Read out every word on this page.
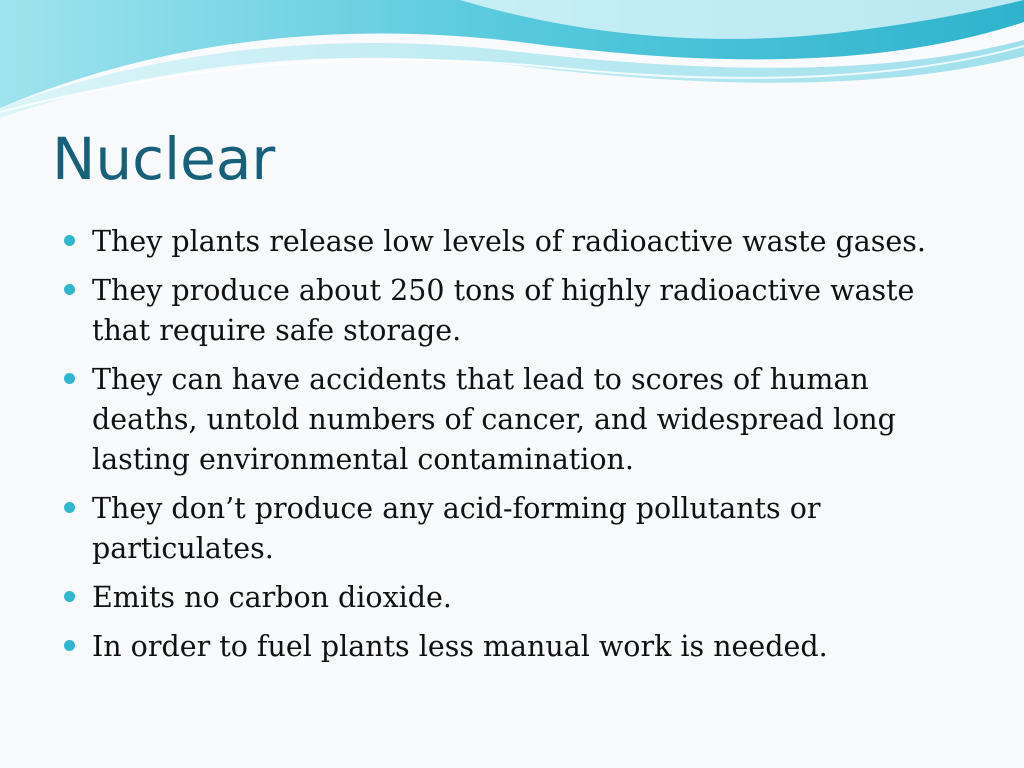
Nuclear
They plants release low levels of radioactive waste gases.
They produce about 250 tons of highly radioactive waste that require safe storage.
They can have accidents that lead to scores of human deaths, untold numbers of cancer, and widespread long lasting environmental contamination.
They don’t produce any acid-forming pollutants or particulates.
Emits no carbon dioxide.
In order to fuel plants less manual work is needed.
